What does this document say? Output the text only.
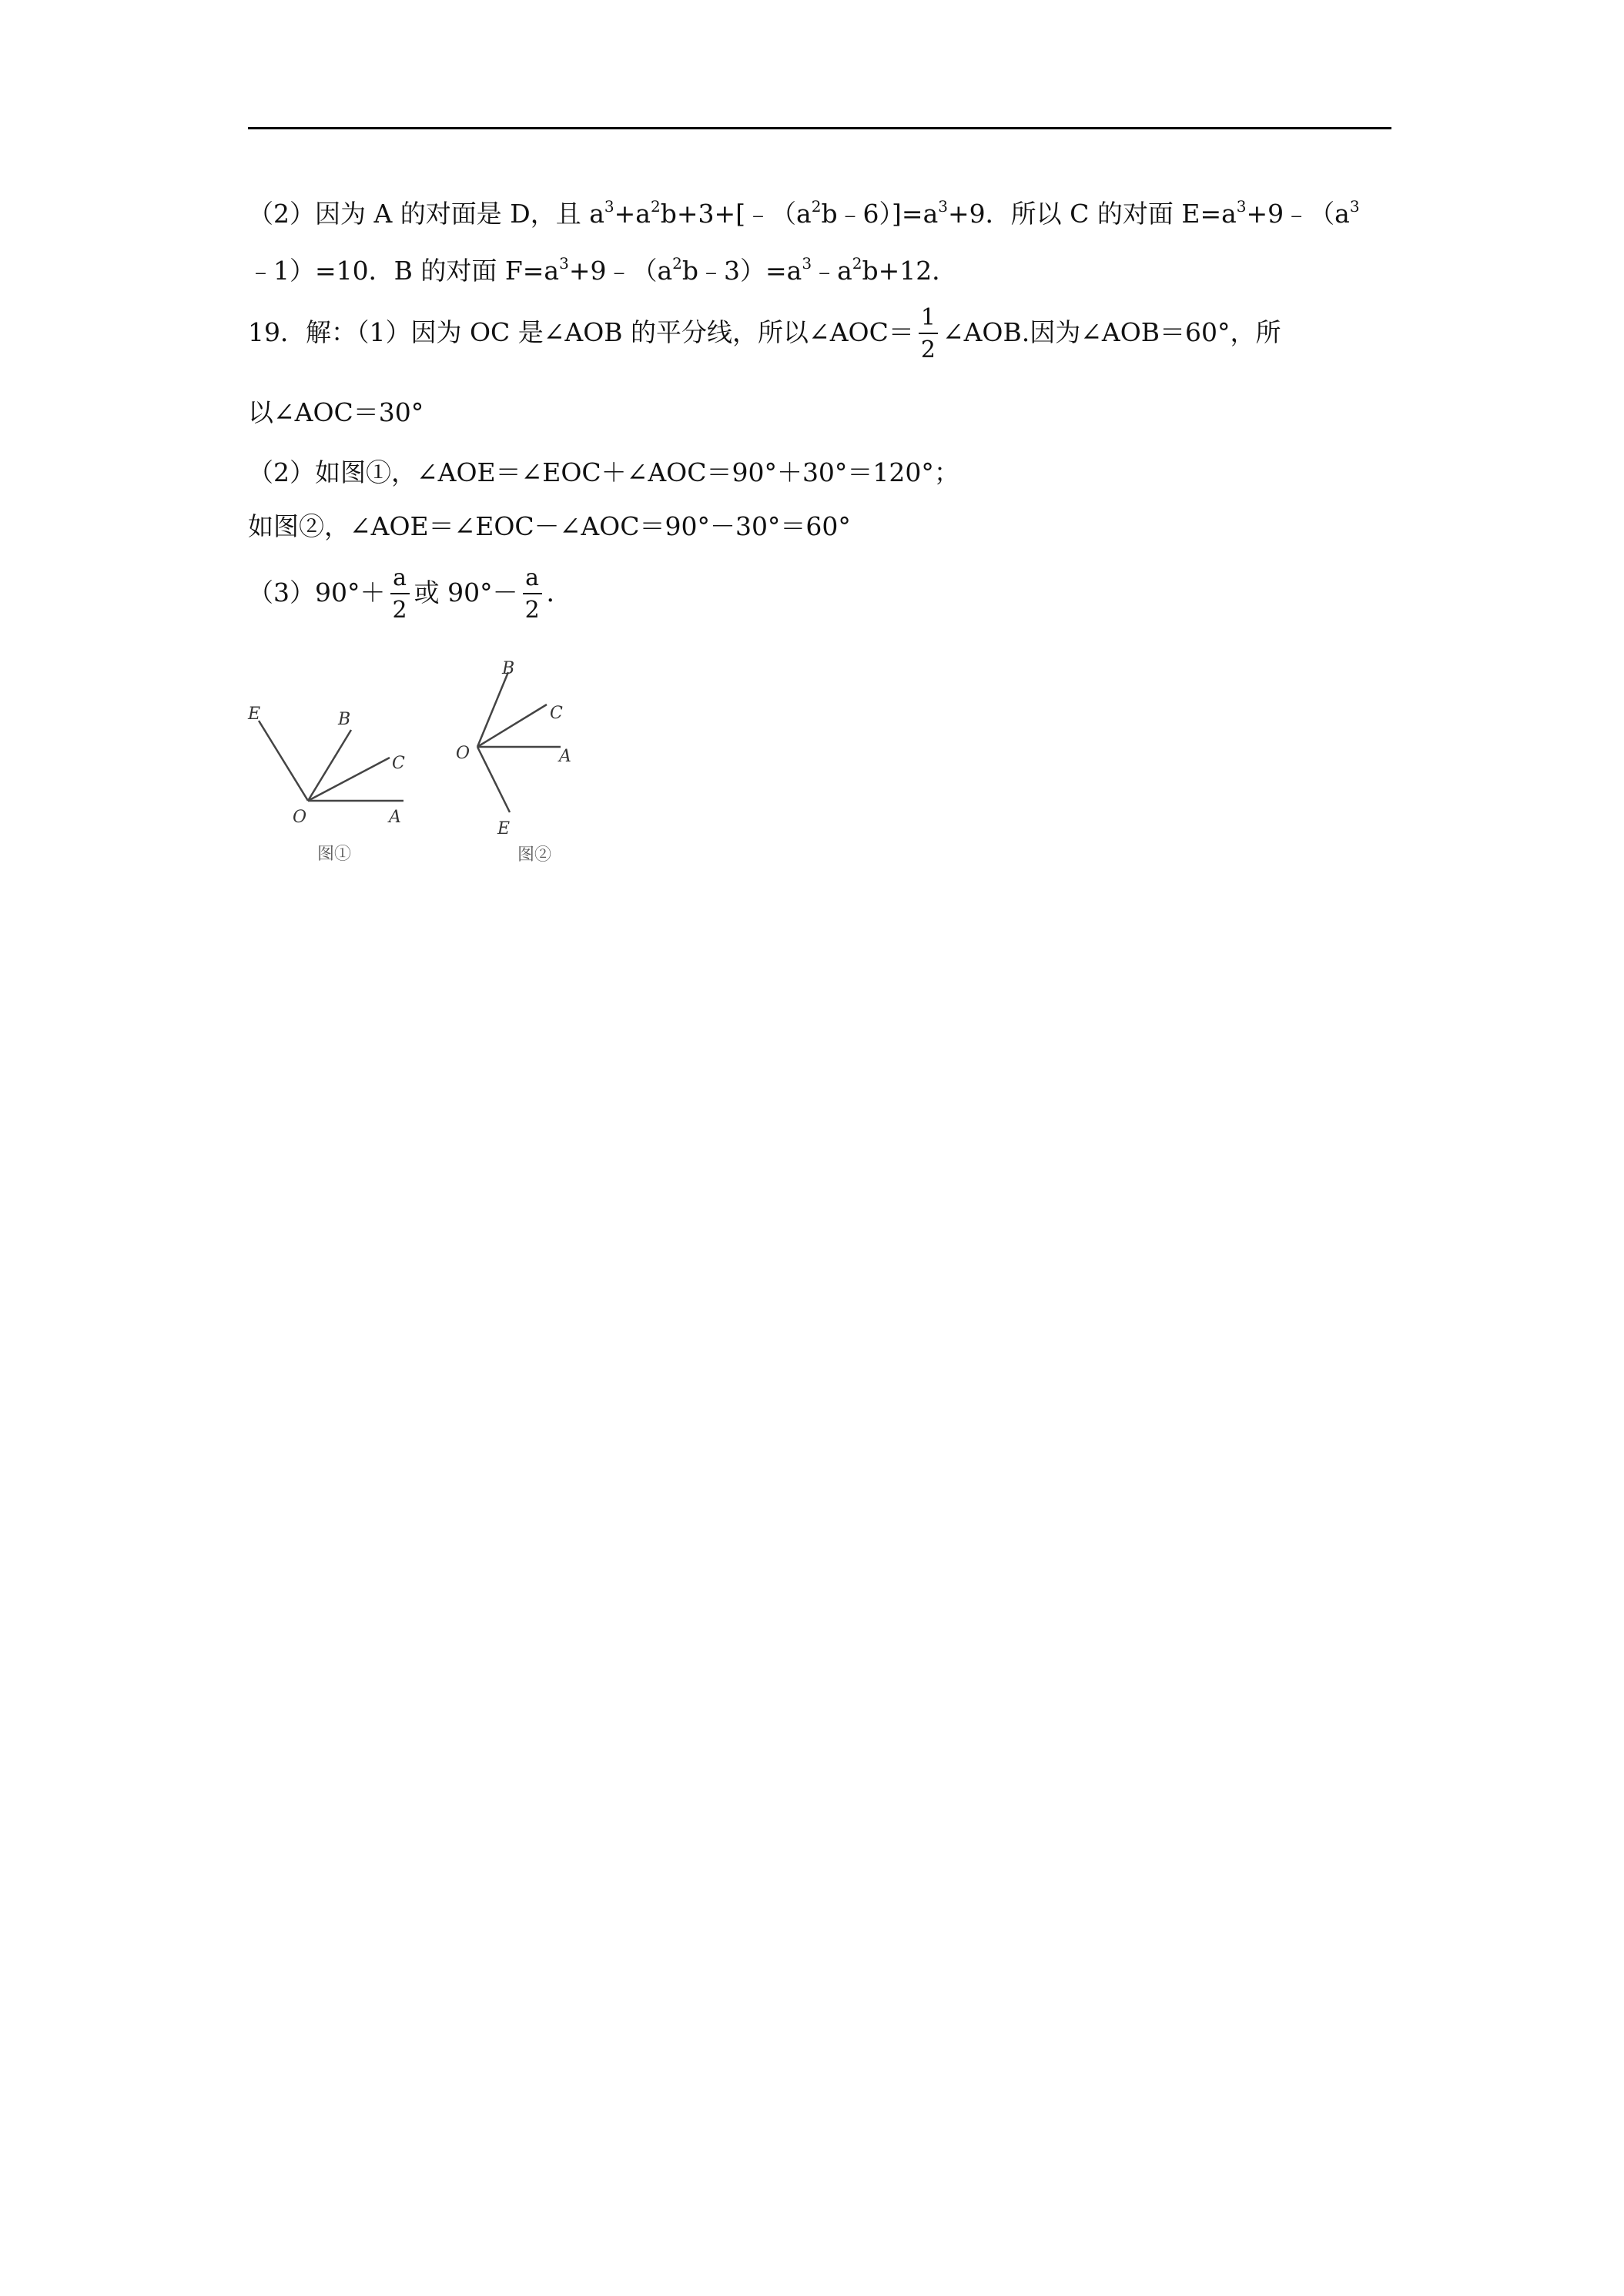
（2）因为 A 的对面是 D，且 $a^3+a^2b+3+[﹣(a^2b﹣6)]=a^3+9$．所以 C 的对面 $E=a^3+9﹣(a^3$
﹣1）=10．B 的对面 $F=a^3+9﹣(a^2b﹣3)=a^3﹣a^2b+12$．
19．解：（1）因为 OC 是∠AOB 的平分线，所以∠AOC＝ $\frac{1}{2}$ ∠AOB.因为∠AOB＝60°，所
以∠AOC＝30°
（2）如图①，∠AOE＝∠EOC＋∠AOC＝90°＋30°＝120°；
如图②，∠AOE＝∠EOC－∠AOC＝90°－30°＝60°
$(3)90^\circ+ \frac{a}{2}$ 或 $90^\circ- \frac{a}{2}$ ．
E	B
C
O	A
图①
B
C
O	A
E
图②
